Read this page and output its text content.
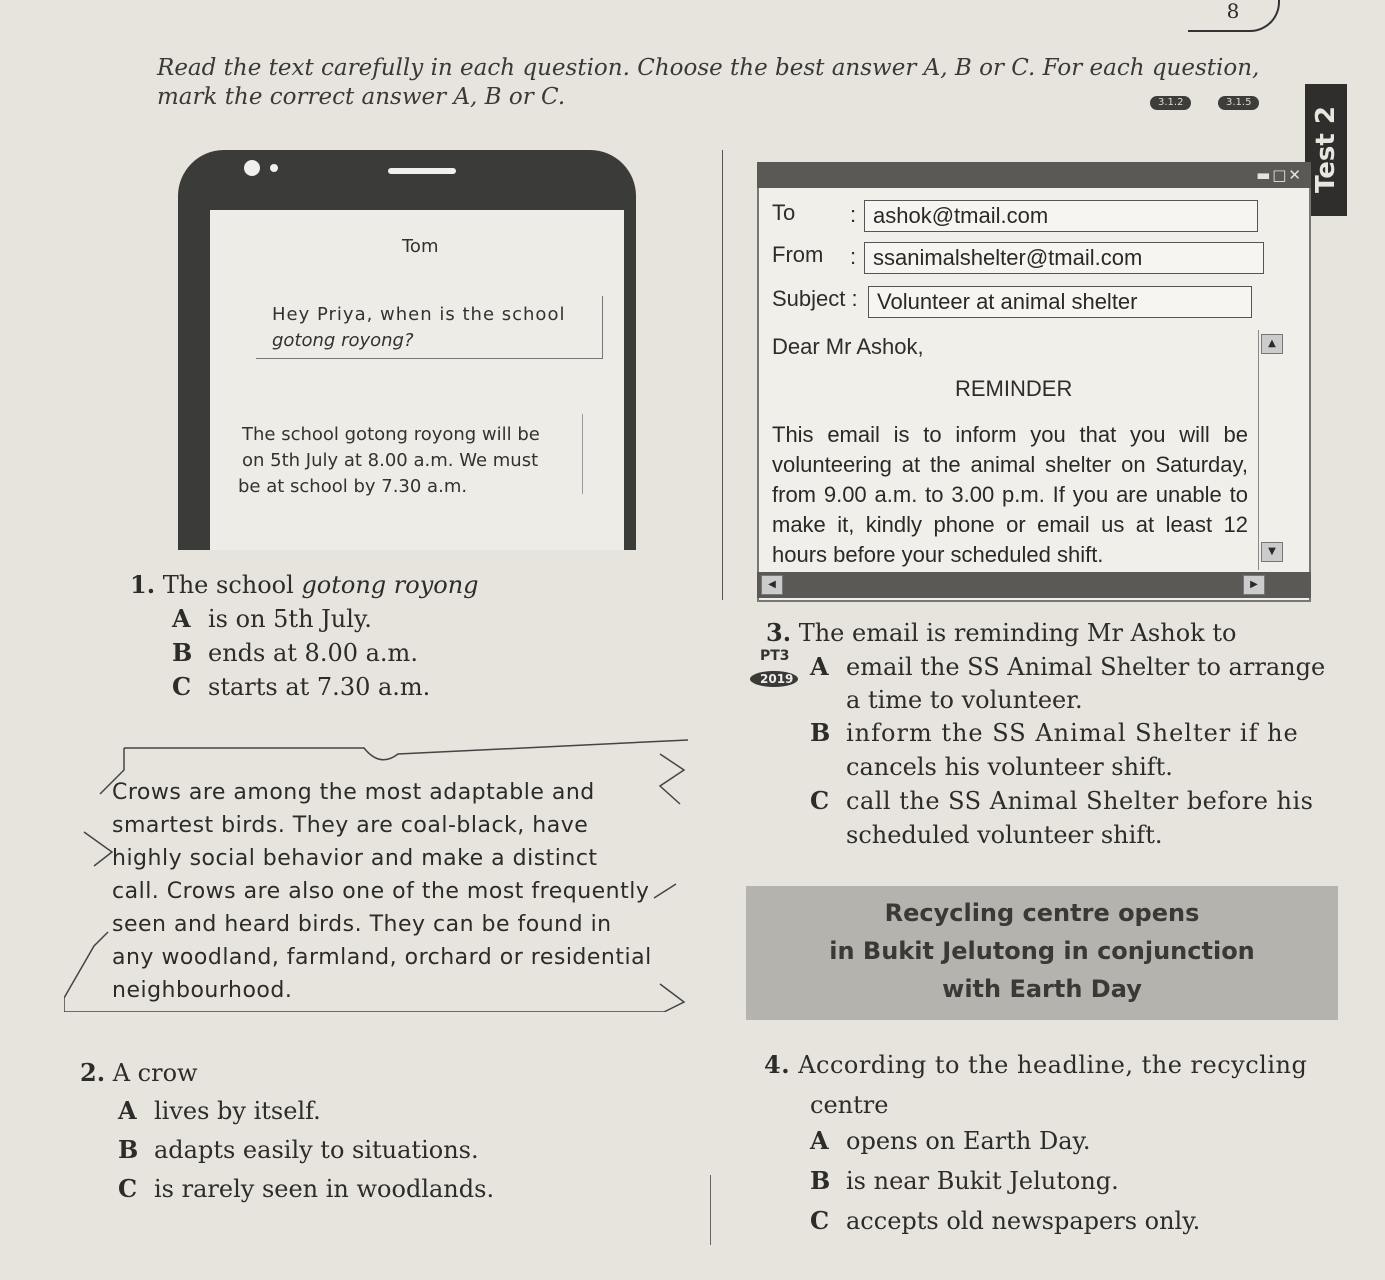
8
Read the text carefully in each question. Choose the best answer A, B or C. For each question, mark the correct answer A, B or C.	3.1.2	3.1.5
Test 2
Tom
Hey Priya, when is the school
gotong royong?
The school gotong royong will be
on 5th July at 8.00 a.m. We must
be at school by 7.30 a.m.
▬□✕
To : ashok@tmail.com
From : ssanimalshelter@tmail.com
Subject : Volunteer at animal shelter
Dear Mr Ashok,
REMINDER
This email is to inform you that you will be volunteering at the animal shelter on Saturday, from 9.00 a.m. to 3.00 p.m. If you are unable to make it, kindly phone or email us at least 12 hours before your scheduled shift.
▲
▼
◀	▶
1. The school gotong royong
A is on 5th July.
B ends at 8.00 a.m.
C starts at 7.30 a.m.
Crows are among the most adaptable and smartest birds. They are coal-black, have highly social behavior and make a distinct call. Crows are also one of the most frequently seen and heard birds. They can be found in any woodland, farmland, orchard or residential neighbourhood.
2. A crow
A lives by itself.
B adapts easily to situations.
C is rarely seen in woodlands.
3. The email is reminding Mr Ashok to
PT3
2019 A email the SS Animal Shelter to arrange
a time to volunteer.
B inform the SS Animal Shelter if he
cancels his volunteer shift.
C call the SS Animal Shelter before his
scheduled volunteer shift.
Recycling centre opens
in Bukit Jelutong in conjunction
with Earth Day
4. According to the headline, the recycling
centre
A opens on Earth Day.
B is near Bukit Jelutong.
C accepts old newspapers only.
